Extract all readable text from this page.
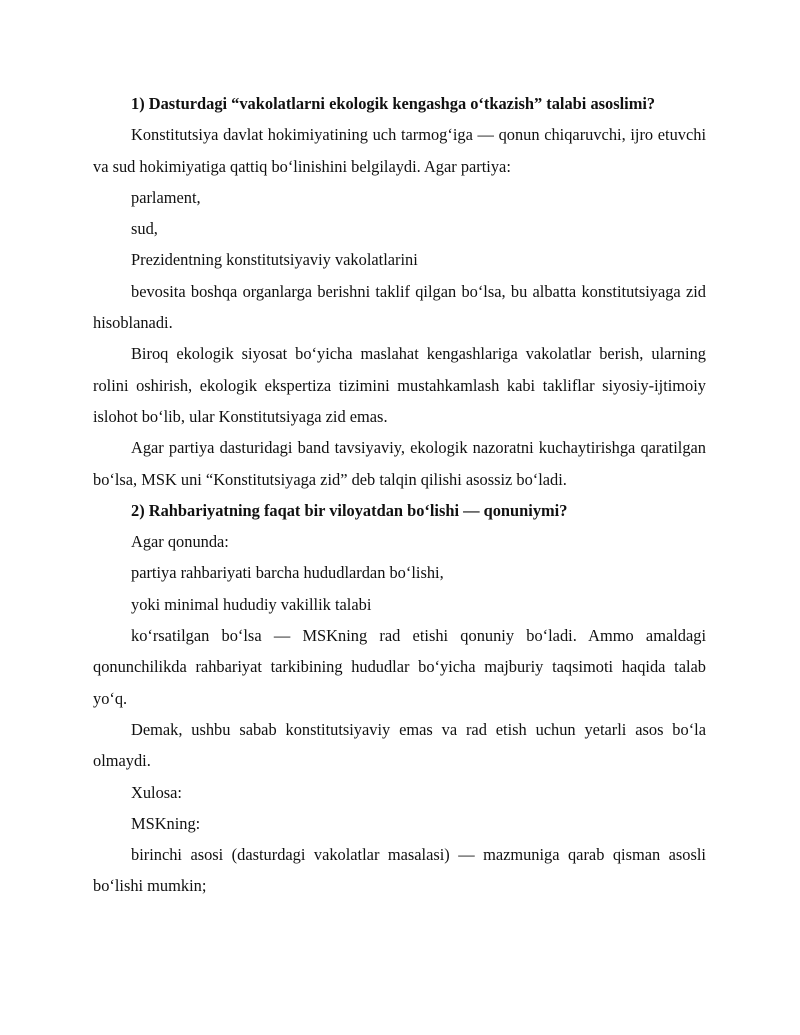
1) Dasturdagi “vakolatlarni ekologik kengashga o‘tkazish” talabi asoslimi?

Konstitutsiya davlat hokimiyatining uch tarmog‘iga — qonun chiqaruvchi, ijro etuvchi va sud hokimiyatiga qattiq bo‘linishini belgilaydi. Agar partiya:

parlament,

sud,

Prezidentning konstitutsiyaviy vakolatlarini

bevosita boshqa organlarga berishni taklif qilgan bo‘lsa, bu albatta konstitutsiyaga zid hisoblanadi.

Biroq ekologik siyosat bo‘yicha maslahat kengashlariga vakolatlar berish, ularning rolini oshirish, ekologik ekspertiza tizimini mustahkamlash kabi takliflar siyosiy-ijtimoiy islohot bo‘lib, ular Konstitutsiyaga zid emas.

Agar partiya dasturidagi band tavsiyaviy, ekologik nazoratni kuchaytirishga qaratilgan bo‘lsa, MSK uni “Konstitutsiyaga zid” deb talqin qilishi asossiz bo‘ladi.

2) Rahbariyatning faqat bir viloyatdan bo‘lishi — qonuniymi?

Agar qonunda:

partiya rahbariyati barcha hududlardan bo‘lishi,

yoki minimal hududiy vakillik talabi

ko‘rsatilgan bo‘lsa — MSKning rad etishi qonuniy bo‘ladi. Ammo amaldagi qonunchilikda rahbariyat tarkibining hududlar bo‘yicha majburiy taqsimoti haqida talab yo‘q.

Demak, ushbu sabab konstitutsiyaviy emas va rad etish uchun yetarli asos bo‘la olmaydi.

Xulosa:

MSKning:

birinchi asosi (dasturdagi vakolatlar masalasi) — mazmuniga qarab qisman asosli bo‘lishi mumkin;
